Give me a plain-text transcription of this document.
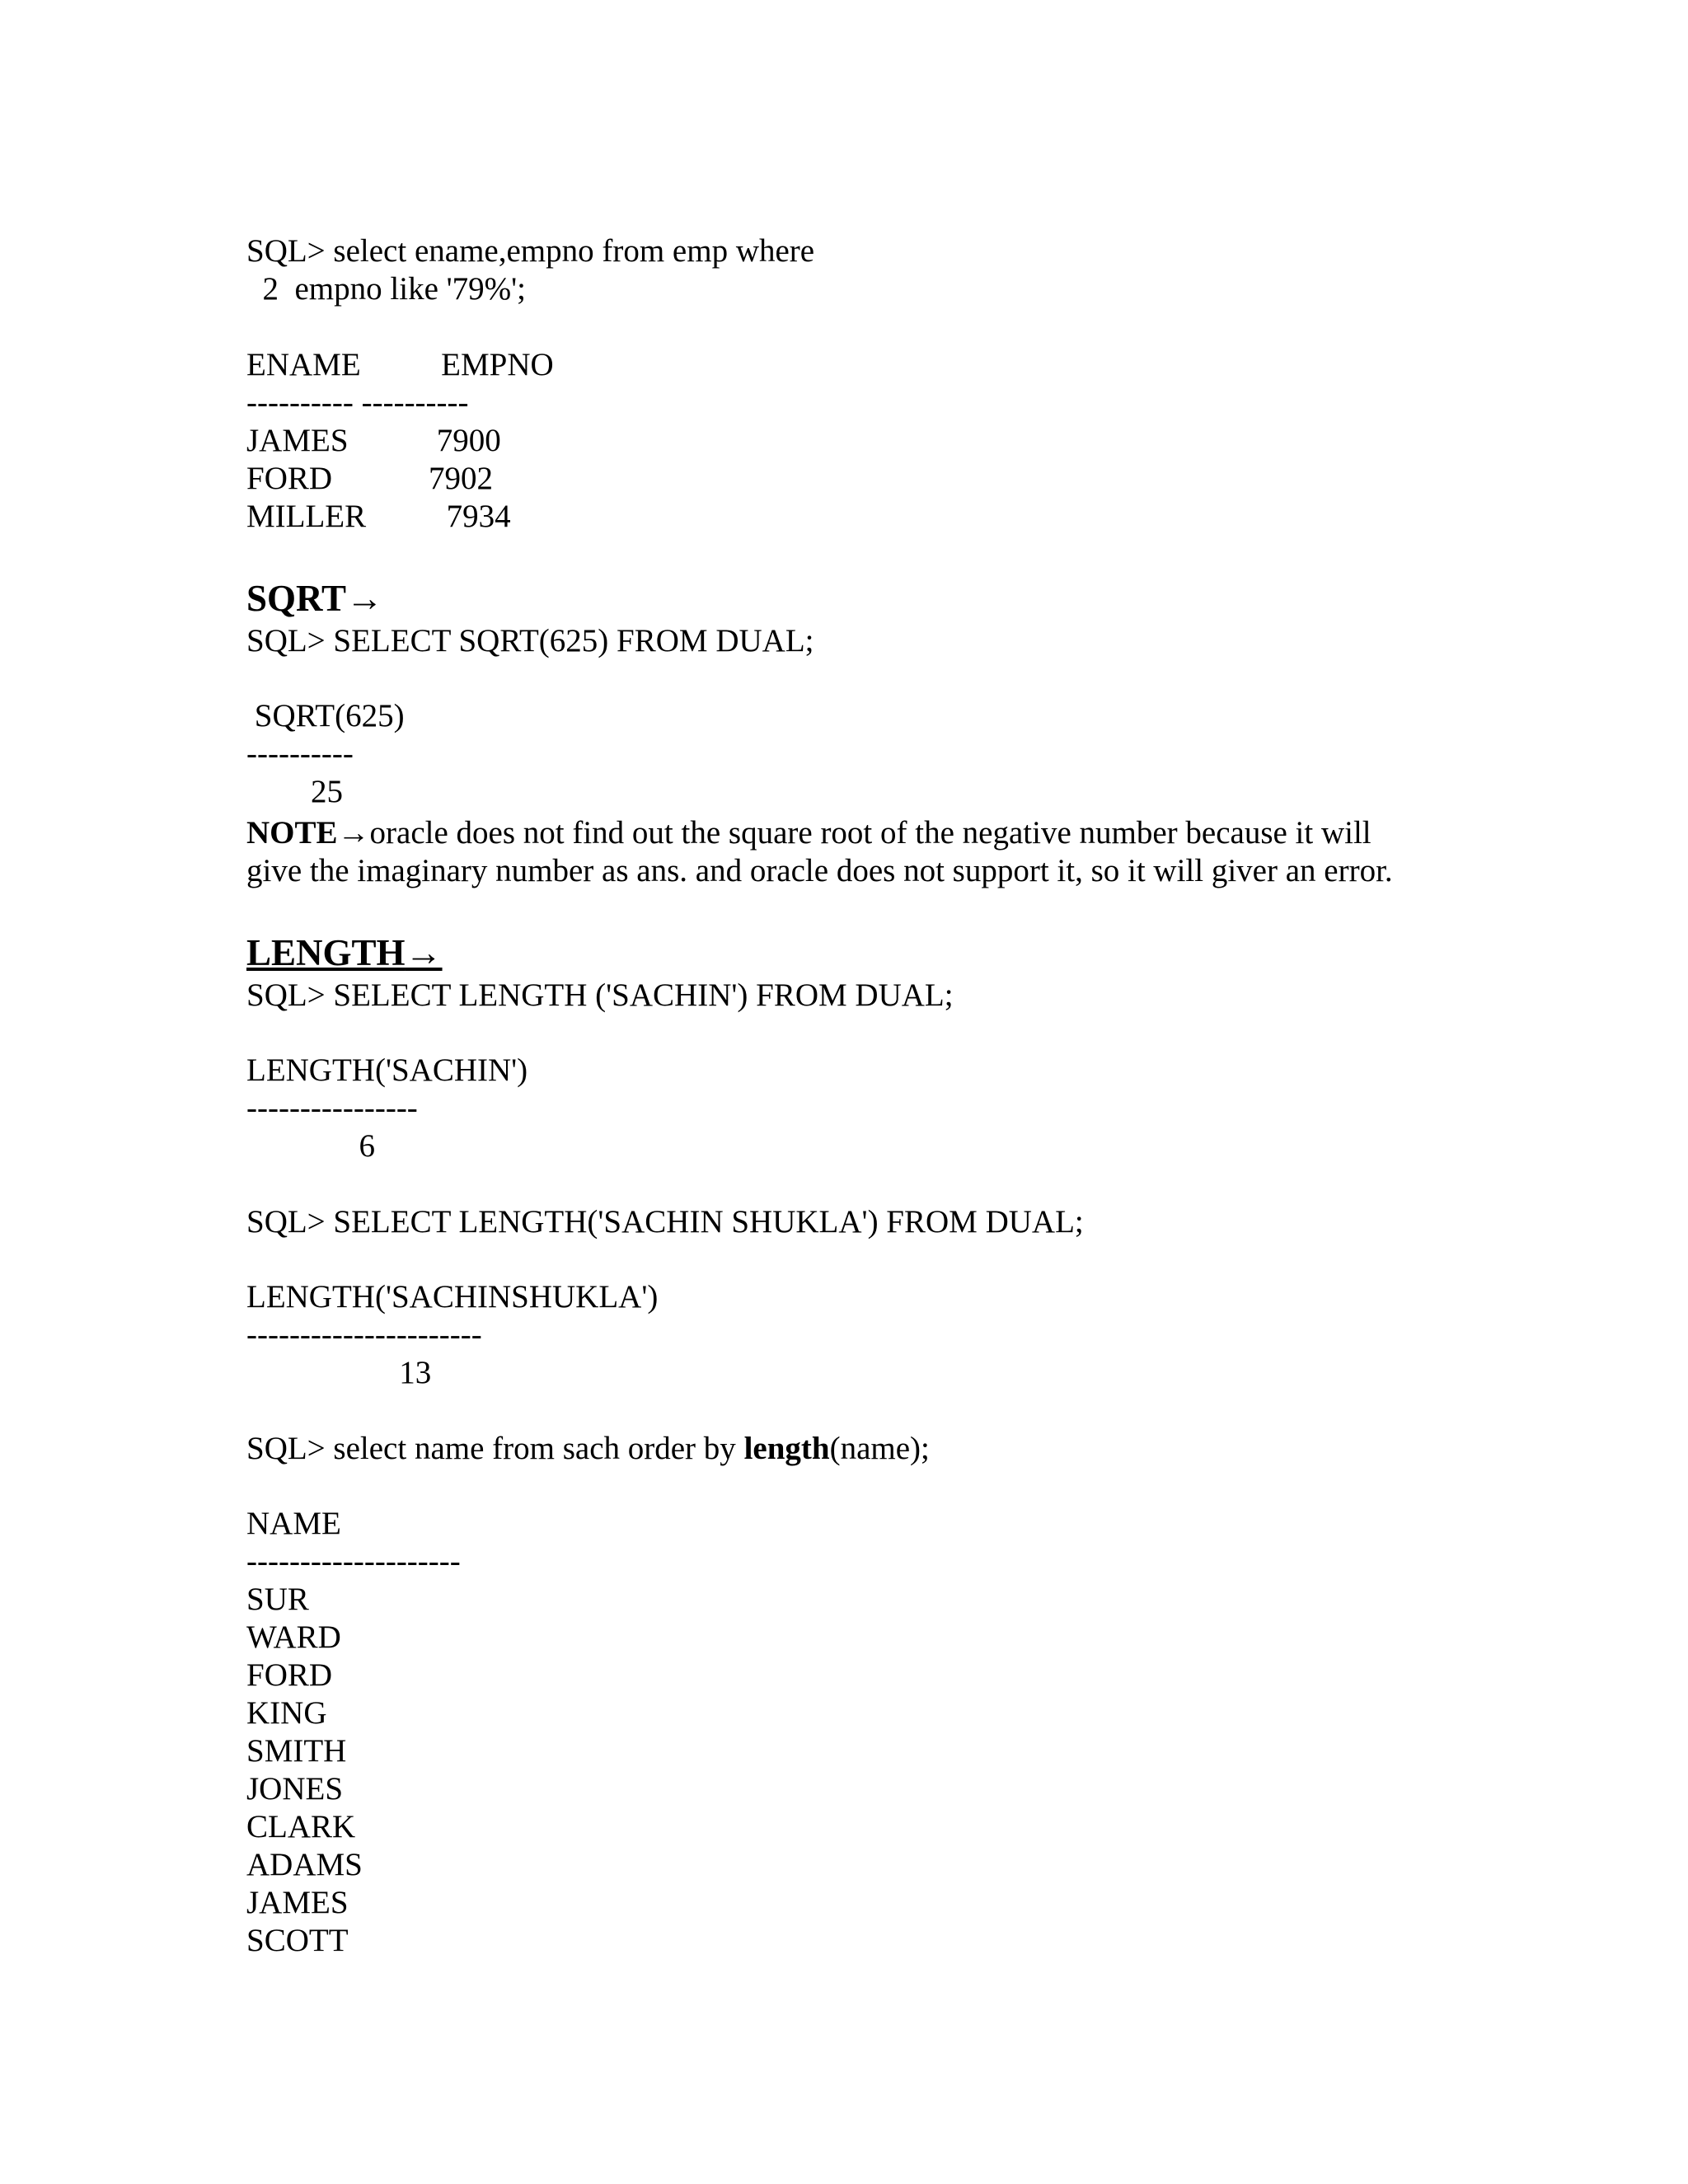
SQL> select ename,empno from emp where
2  empno like '79%';
ENAME          EMPNO
---------- ----------
JAMES           7900
FORD            7902
MILLER          7934
SQRT→
SQL> SELECT SQRT(625) FROM DUAL;
SQRT(625)
----------
25
NOTE→oracle does not find out the square root of the negative number because it will
give the imaginary number as ans. and oracle does not support it, so it will giver an error.
LENGTH→
SQL> SELECT LENGTH ('SACHIN') FROM DUAL;
LENGTH('SACHIN')
----------------
6
SQL> SELECT LENGTH('SACHIN SHUKLA') FROM DUAL;
LENGTH('SACHINSHUKLA')
----------------------
13
SQL> select name from sach order by length(name);
NAME
--------------------
SUR
WARD
FORD
KING
SMITH
JONES
CLARK
ADAMS
JAMES
SCOTT
